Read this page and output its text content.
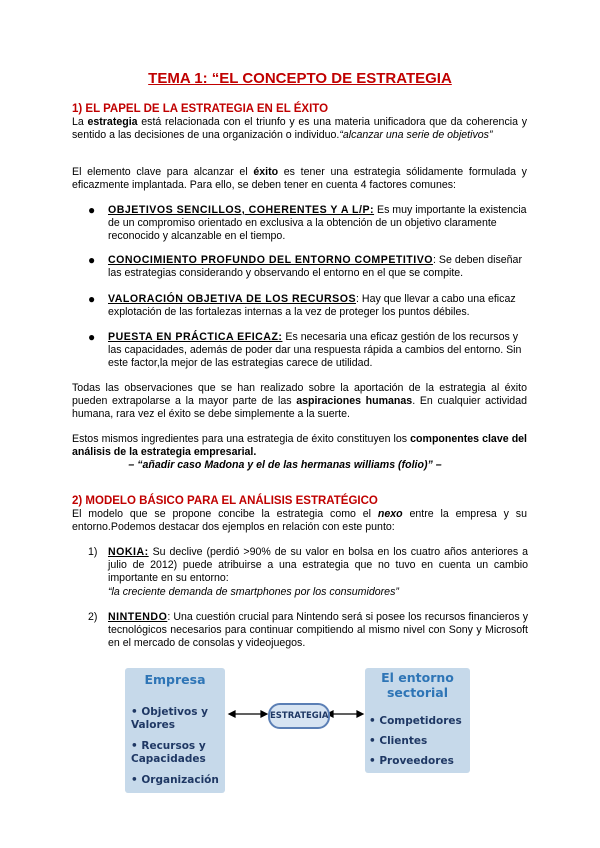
TEMA 1: “EL CONCEPTO DE ESTRATEGIA
1) EL PAPEL DE LA ESTRATEGIA EN EL ÉXITO
La estrategia está relacionada con el triunfo y es una materia unificadora que da coherencia y sentido a las decisiones de una organización o individuo.“alcanzar una serie de objetivos”
El elemento clave para alcanzar el éxito es tener una estrategia sólidamente formulada y eficazmente implantada. Para ello, se deben tener en cuenta 4 factores comunes:
●	OBJETIVOS SENCILLOS, COHERENTES Y A L/P: Es muy importante la existencia de un compromiso orientado en exclusiva a la obtención de un objetivo claramente reconocido y alcanzable en el tiempo.
●	CONOCIMIENTO PROFUNDO DEL ENTORNO COMPETITIVO: Se deben diseñar las estrategias considerando y observando el entorno en el que se compite.
●	VALORACIÓN OBJETIVA DE LOS RECURSOS: Hay que llevar a cabo una eficaz explotación de las fortalezas internas a la vez de proteger los puntos débiles.
●	PUESTA EN PRÁCTICA EFICAZ: Es necesaria una eficaz gestión de los recursos y las capacidades, además de poder dar una respuesta rápida a cambios del entorno. Sin este factor,la mejor de las estrategias carece de utilidad.
Todas las observaciones que se han realizado sobre la aportación de la estrategia al éxito pueden extrapolarse a la mayor parte de las aspiraciones humanas. En cualquier actividad humana, rara vez el éxito se debe simplemente a la suerte.
Estos mismos ingredientes para una estrategia de éxito constituyen los componentes clave del análisis de la estrategia empresarial.
– “añadir caso Madona y el de las hermanas williams (folio)” –
2) MODELO BÁSICO PARA EL ANÁLISIS ESTRATÉGICO
El modelo que se propone concibe la estrategia como el nexo entre la empresa y su entorno.Podemos destacar dos ejemplos en relación con este punto:
1) NOKIA: Su declive (perdió >90% de su valor en bolsa en los cuatro años anteriores a julio de 2012) puede atribuirse a una estrategia que no tuvo en cuenta un cambio importante en su entorno:
“la creciente demanda de smartphones por los consumidores”
2) NINTENDO: Una cuestión crucial para Nintendo será si posee los recursos financieros y tecnológicos necesarios para continuar compitiendo al mismo nivel con Sony y Microsoft en el mercado de consolas y videojuegos.
Empresa
• Objetivos y Valores
• Recursos y Capacidades
• Organización
ESTRATEGIA
El entorno
sectorial
• Competidores
• Clientes
• Proveedores
